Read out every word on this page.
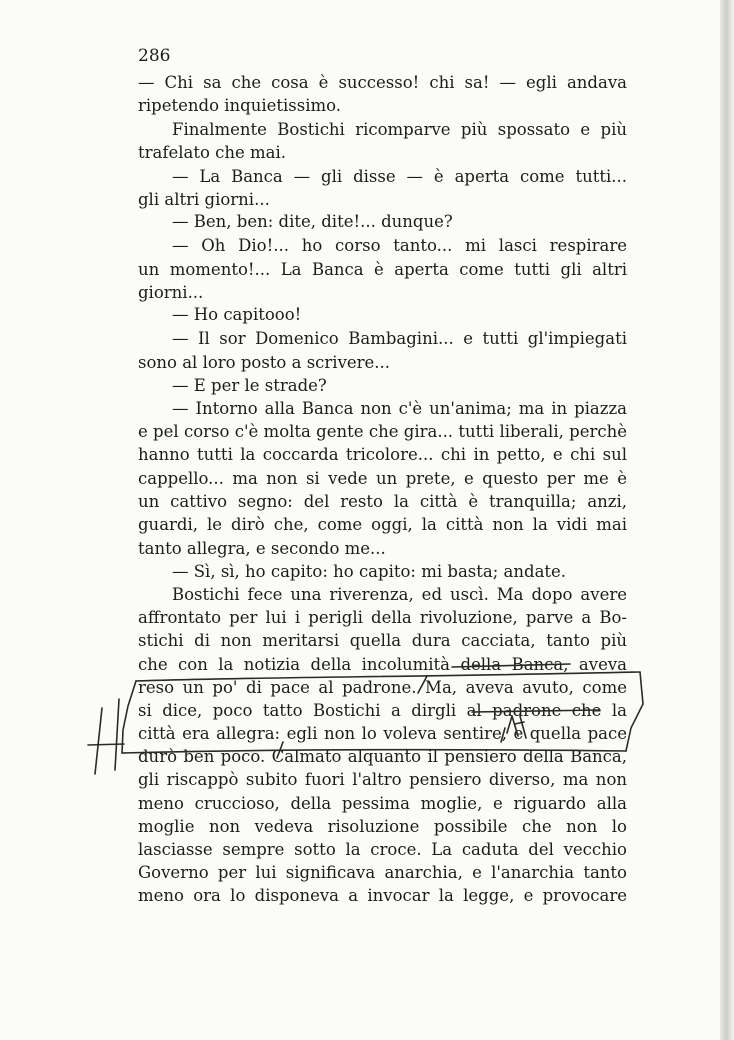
286
— Chi sa che cosa è successo! chi sa! — egli andava
ripetendo inquietissimo.
Finalmente Bostichi ricomparve più spossato e più
trafelato che mai.
— La Banca — gli disse — è aperta come tutti...
gli altri giorni...
— Ben, ben: dite, dite!... dunque?
— Oh Dio!... ho corso tanto... mi lasci respirare
un momento!... La Banca è aperta come tutti gli altri
giorni...
— Ho capitooo!
— Il sor Domenico Bambagini... e tutti gl'impiegati
sono al loro posto a scrivere...
— E per le strade?
— Intorno alla Banca non c'è un'anima; ma in piazza
e pel corso c'è molta gente che gira... tutti liberali, perchè
hanno tutti la coccarda tricolore... chi in petto, e chi sul
cappello... ma non si vede un prete, e questo per me è
un cattivo segno: del resto la città è tranquilla; anzi,
guardi, le dirò che, come oggi, la città non la vidi mai
tanto allegra, e secondo me...
— Sì, sì, ho capito: ho capito: mi basta; andate.
Bostichi fece una riverenza, ed uscì. Ma dopo avere
affrontato per lui i perigli della rivoluzione, parve a Bo-
stichi di non meritarsi quella dura cacciata, tanto più
che con la notizia della incolumità della Banca, aveva
reso un po' di pace al padrone. Ma, aveva avuto, come
si dice, poco tatto Bostichi a dirgli al padrone che la
città era allegra: egli non lo voleva sentire, e quella pace
durò ben poco. Calmato alquanto il pensiero della Banca,
gli riscappò subito fuori l'altro pensiero diverso, ma non
meno cruccioso, della pessima moglie, e riguardo alla
moglie non vedeva risoluzione possibile che non lo
lasciasse sempre sotto la croce. La caduta del vecchio
Governo per lui significava anarchia, e l'anarchia tanto
meno ora lo disponeva a invocar la legge, e provocare
